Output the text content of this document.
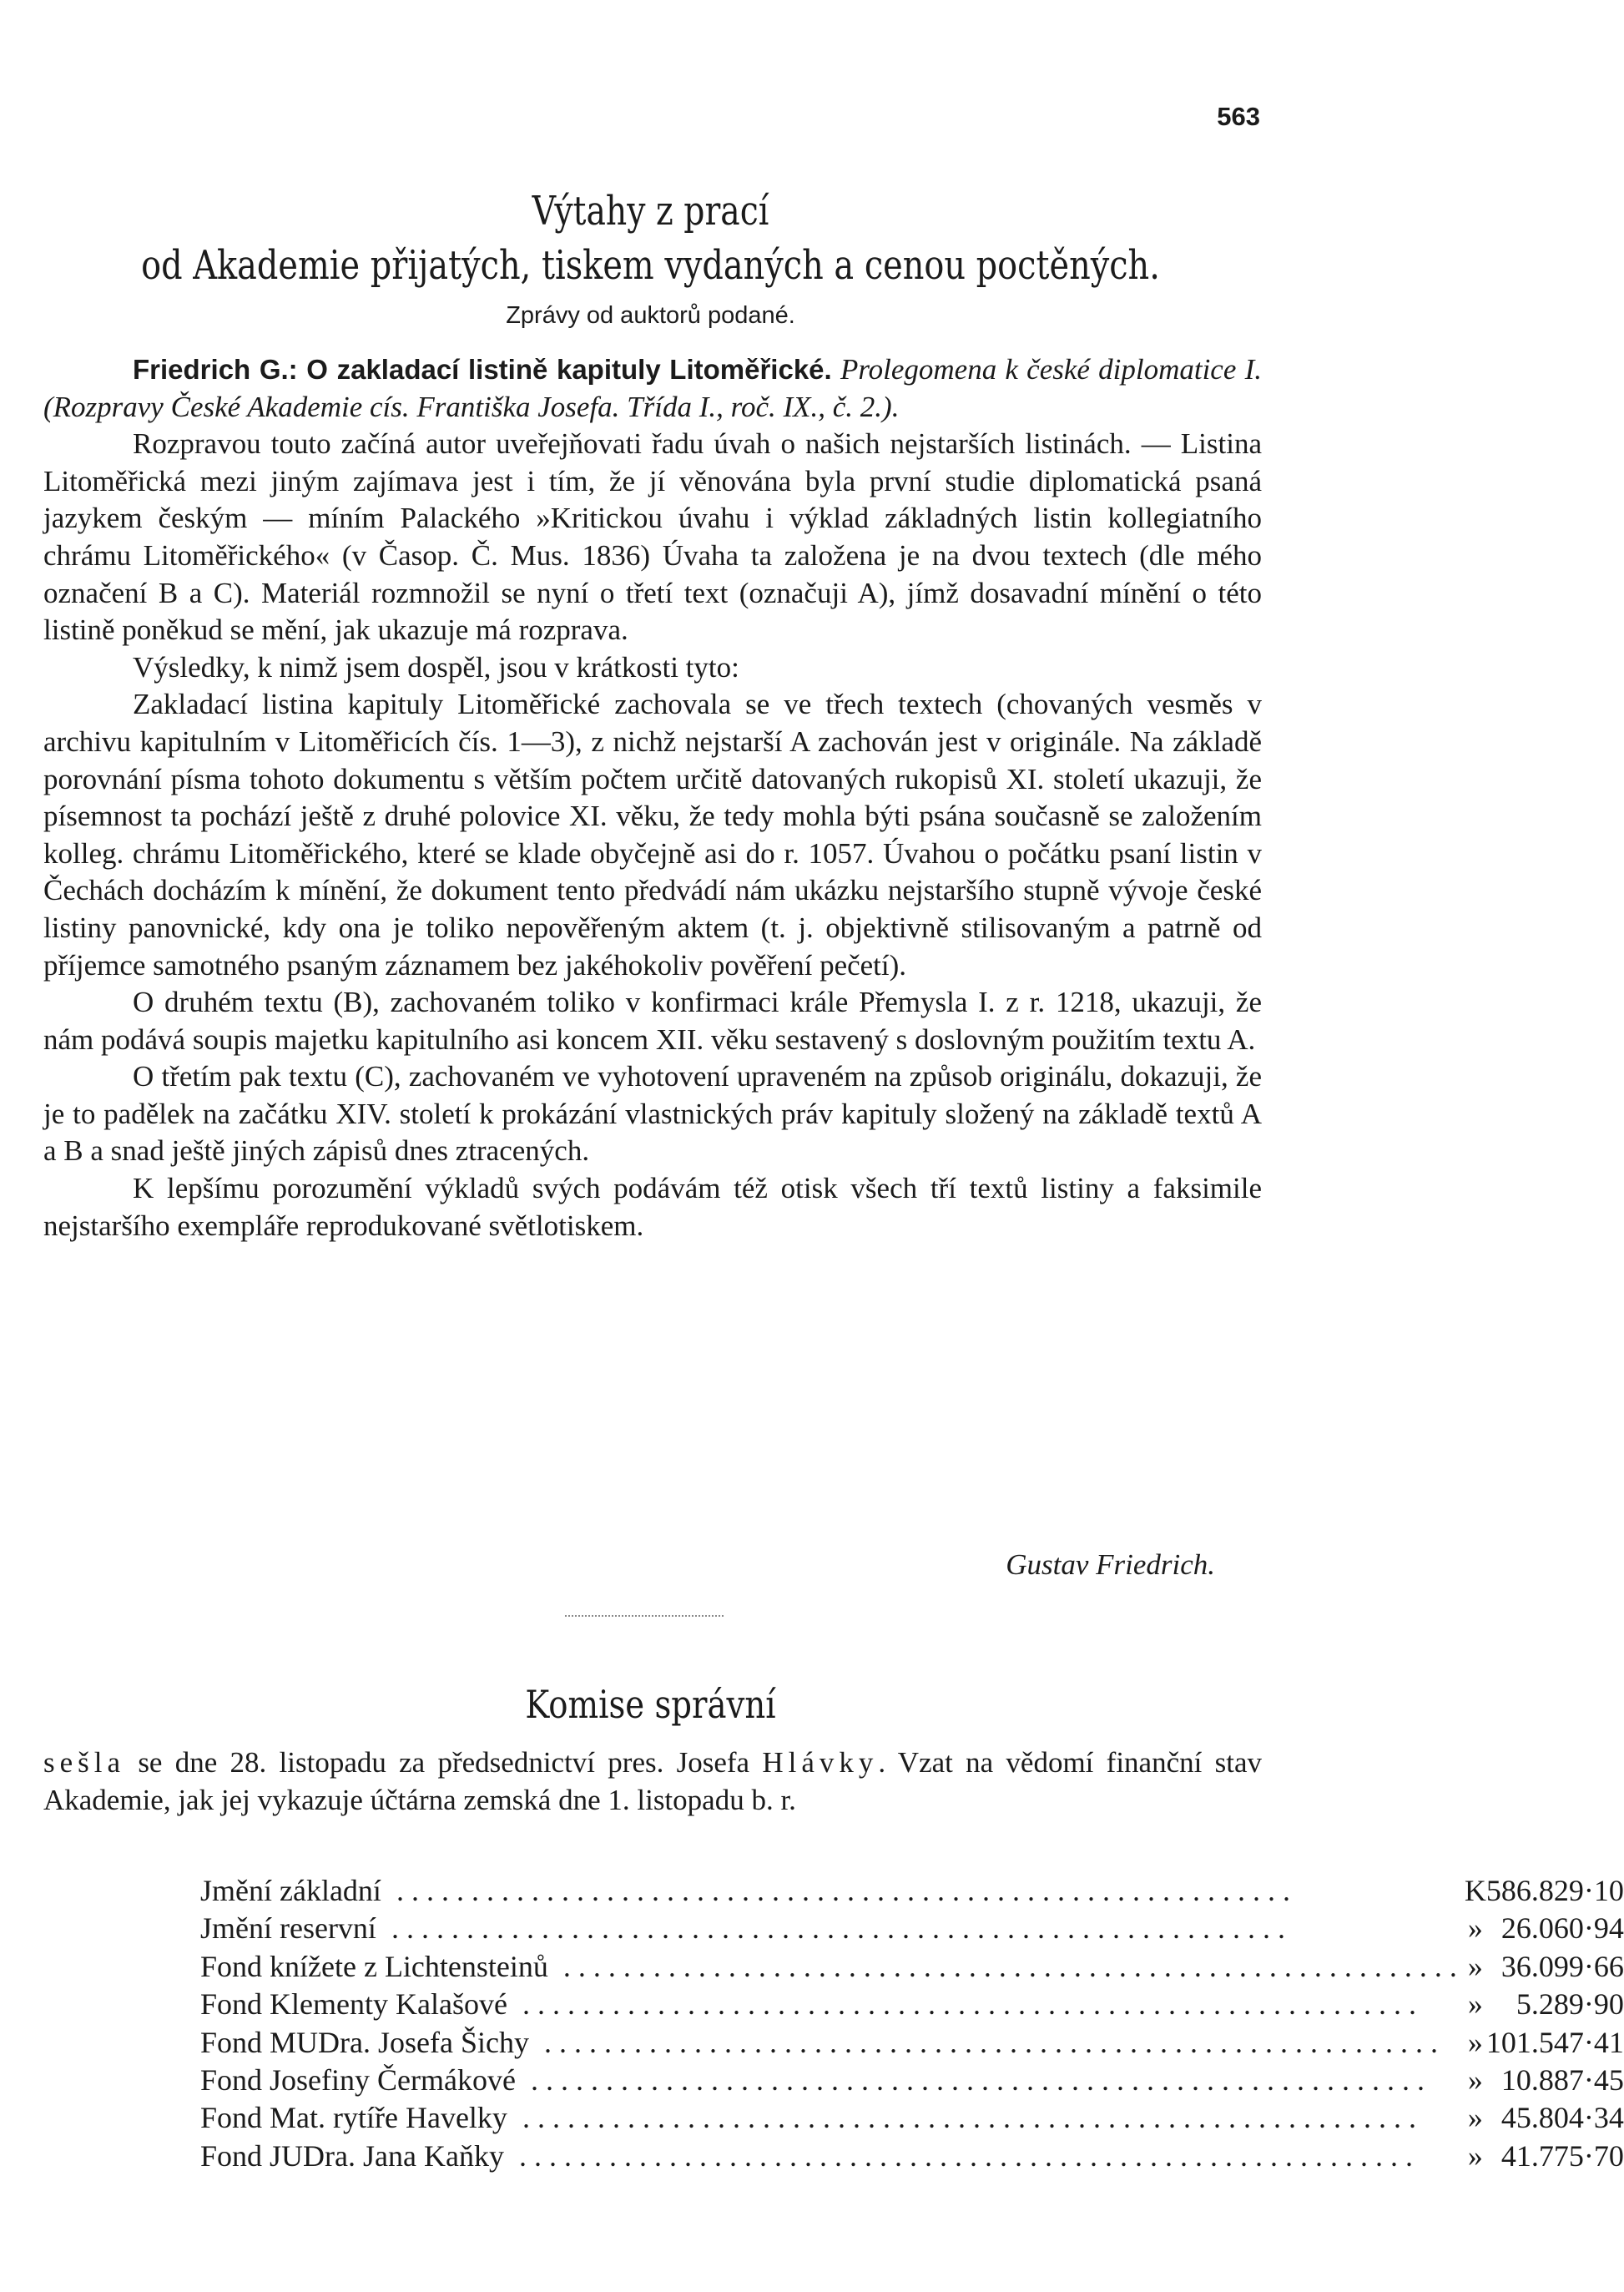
563
Výtahy z prací
od Akademie přijatých, tiskem vydaných a cenou poctěných.
Zprávy od auktorů podané.

Friedrich G.: O zakladací listině kapituly Litoměřické. Prolegomena k české diplomatice I. (Rozpravy České Akademie cís. Františka Josefa. Třída I., roč. IX., č. 2.).

Rozpravou touto začíná autor uveřejňovati řadu úvah o našich nejstarších listinách. — Listina Litoměřická mezi jiným zajímava jest i tím, že jí věnována byla první studie diplomatická psaná jazykem českým — míním Palackého »Kritickou úvahu i výklad základných listin kollegiatního chrámu Litoměřického« (v Časop. Č. Mus. 1836) Úvaha ta založena je na dvou textech (dle mého označení B a C). Materiál rozmnožil se nyní o třetí text (označuji A), jímž dosavadní mínění o této listině poněkud se mění, jak ukazuje má rozprava.

Výsledky, k nimž jsem dospěl, jsou v krátkosti tyto:

Zakladací listina kapituly Litoměřické zachovala se ve třech textech (chovaných vesměs v archivu kapitulním v Litoměřicích čís. 1—3), z nichž nejstarší A zachován jest v originále. Na základě porovnání písma tohoto dokumentu s větším počtem určitě datovaných rukopisů XI. století ukazuji, že písemnost ta pochází ještě z druhé polovice XI. věku, že tedy mohla býti psána současně se založením kolleg. chrámu Litoměřického, které se klade obyčejně asi do r. 1057. Úvahou o počátku psaní listin v Čechách docházím k mínění, že dokument tento předvádí nám ukázku nejstaršího stupně vývoje české listiny panovnické, kdy ona je toliko nepověřeným aktem (t. j. objektivně stilisovaným a patrně od příjemce samotného psaným záznamem bez jakéhokoliv pověření pečetí).

O druhém textu (B), zachovaném toliko v konfirmaci krále Přemysla I. z r. 1218, ukazuji, že nám podává soupis majetku kapitulního asi koncem XII. věku sestavený s doslovným použitím textu A.

O třetím pak textu (C), zachovaném ve vyhotovení upraveném na způsob originálu, dokazuji, že je to padělek na začátku XIV. století k prokázání vlastnických práv kapituly složený na základě textů A a B a snad ještě jiných zápisů dnes ztracených.

K lepšímu porozumění výkladů svých podávám též otisk všech tří textů listiny a faksimile nejstaršího exempláře reprodukované světlotiskem.

Gustav Friedrich.
Komise správní

sešla se dne 28. listopadu za předsednictví pres. Josefa Hlávky. Vzat na vědomí finanční stav Akademie, jak jej vykazuje účtárna zemská dne 1. listopadu b. r.

Jmění základní ............................................................	K	586.829·10
Jmění reservní ............................................................	»	26.060·94
Fond knížete z Lichtensteinů ............................................................	»	36.099·66
Fond Klementy Kalašové ............................................................	»	5.289·90
Fond MUDra. Josefa Šichy ............................................................	»	101.547·41
Fond Josefiny Čermákové ............................................................	»	10.887·45
Fond Mat. rytíře Havelky ............................................................	»	45.804·34
Fond JUDra. Jana Kaňky ............................................................	»	41.775·70
